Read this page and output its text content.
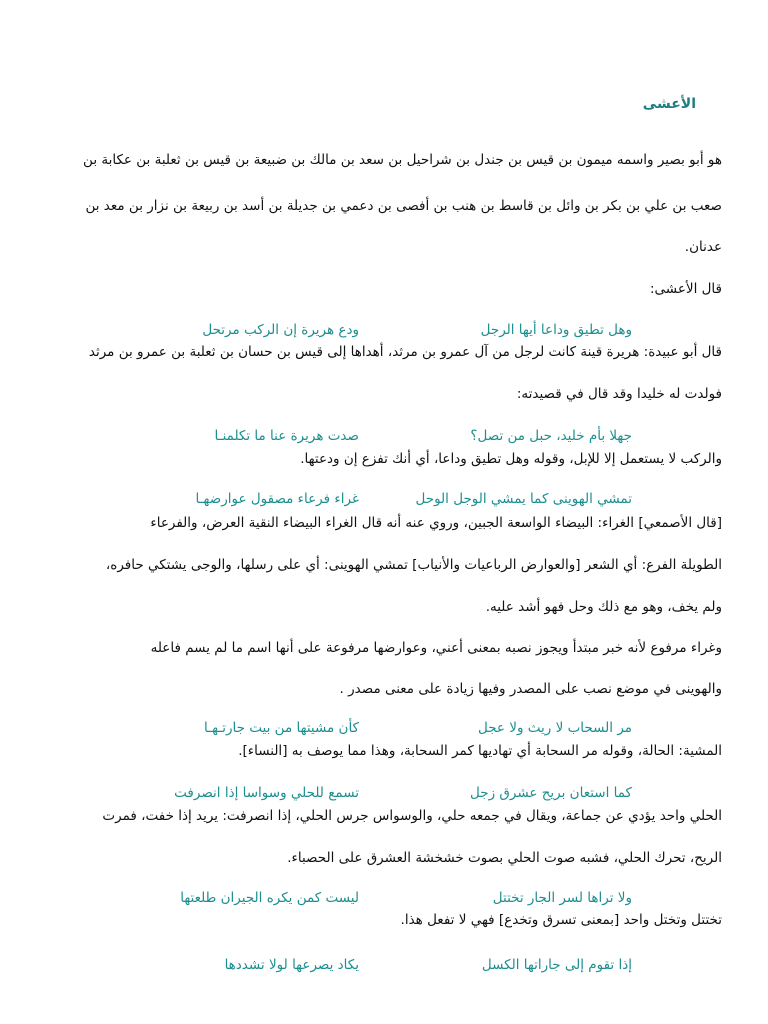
الأعشى
هو أبو بصير واسمه ميمون بن قيس بن جندل بن شراحيل بن سعد بن مالك بن ضبيعة بن قيس بن ثعلبة بن عكابة بن
صعب بن علي بن بكر بن وائل بن قاسط بن هنب بن أفصى بن دعمي بن جديلة بن أسد بن ربيعة بن نزار بن معد بن
عدنان.
قال الأعشى:
ودع هريرة إن الركب مرتحل	وهل تطيق وداعا أيها الرجل
قال أبو عبيدة: هريرة قينة كانت لرجل من آل عمرو بن مرثد، أهداها إلى قيس بن حسان بن ثعلبة بن عمرو بن مرثد
فولدت له خليدا وقد قال في قصيدته:
صدت هريرة عنا ما تكلمنـا	جهلا بأم خليد، حبل من تصل؟
والركب لا يستعمل إلا للإبل، وقوله وهل تطيق وداعا، أي أنك تفزع إن ودعتها.
غراء فرعاء مصقول عوارضهـا	تمشي الهوينى كما يمشي الوجل الوحل
[قال الأصمعي] الغراء: البيضاء الواسعة الجبين، وروي عنه أنه قال الغراء البيضاء النقية العرض، والفرعاء
الطويلة الفرع: أي الشعر [والعوارض الرباعيات والأنياب] تمشي الهوينى: أي على رسلها، والوجى يشتكي حافره،
ولم يخف، وهو مع ذلك وحل فهو أشد عليه.
وغراء مرفوع لأنه خبر مبتدأ ويجوز نصبه بمعنى أعني، وعوارضها مرفوعة على أنها اسم ما لم يسم فاعله
والهوينى في موضع نصب على المصدر وفيها زيادة على معنى مصدر .
كأن مشيتها من بيت جارتـهـا	مر السحاب لا ريث ولا عجل
المشية: الحالة، وقوله مر السحابة أي تهاديها كمر السحابة، وهذا مما يوصف به [النساء].
تسمع للحلي وسواسا إذا انصرفت	كما استعان بريح عشرق زجل
الحلي واحد يؤدي عن جماعة، ويقال في جمعه حلي، والوسواس جرس الحلي، إذا انصرفت: يريد إذا خفت، فمرت
الريح، تحرك الحلي، فشبه صوت الحلي بصوت خشخشة العشرق على الحصباء.
ليست كمن يكره الجيران طلعتها	ولا تراها لسر الجار تختتل
تختتل وتختل واحد [بمعنى تسرق وتخدع] فهي لا تفعل هذا.
يكاد يصرعها لولا تشددها	إذا تقوم إلى جاراتها الكسل
